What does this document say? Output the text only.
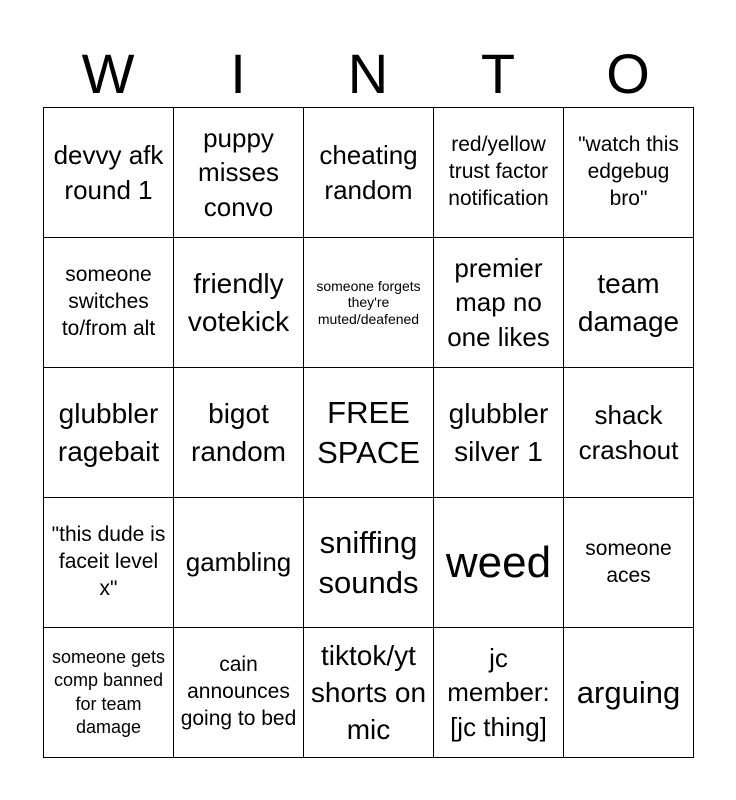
W	I	N	T	O
devvy afk round 1	puppy misses convo	cheating random	red/yellow trust factor notification	"watch this edgebug bro"
someone switches to/from alt	friendly votekick	someone forgets they're muted/deafened	premier map no one likes	team damage
glubbler ragebait	bigot random	FREE SPACE	glubbler silver 1	shack crashout
"this dude is faceit level x"	gambling	sniffing sounds	weed	someone aces
someone gets comp banned for team damage	cain announces going to bed	tiktok/yt shorts on mic	jc member: [jc thing]	arguing
